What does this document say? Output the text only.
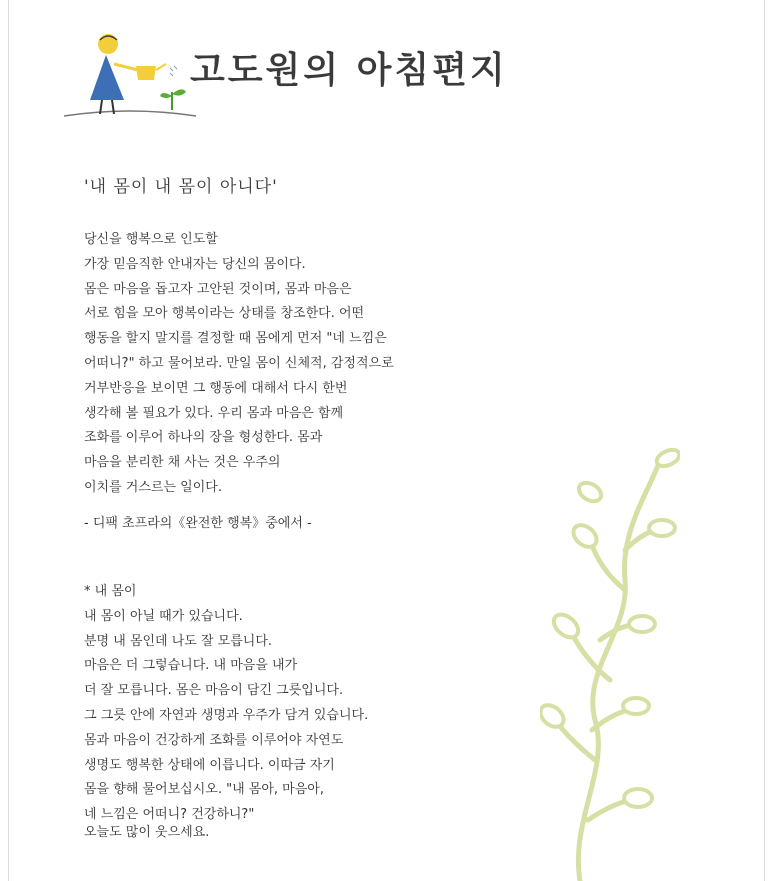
고도원의 아침편지
'내 몸이 내 몸이 아니다'
당신을 행복으로 인도할
가장 믿음직한 안내자는 당신의 몸이다.
몸은 마음을 돕고자 고안된 것이며, 몸과 마음은
서로 힘을 모아 행복이라는 상태를 창조한다. 어떤
행동을 할지 말지를 결정할 때 몸에게 먼저 "네 느낌은
어떠니?" 하고 물어보라. 만일 몸이 신체적, 감정적으로
거부반응을 보이면 그 행동에 대해서 다시 한번
생각해 볼 필요가 있다. 우리 몸과 마음은 함께
조화를 이루어 하나의 장을 형성한다. 몸과
마음을 분리한 채 사는 것은 우주의
이치를 거스르는 일이다.
- 디팩 초프라의《완전한 행복》중에서 -
* 내 몸이
내 몸이 아닐 때가 있습니다.
분명 내 몸인데 나도 잘 모릅니다.
마음은 더 그렇습니다. 내 마음을 내가
더 잘 모릅니다. 몸은 마음이 담긴 그릇입니다.
그 그릇 안에 자연과 생명과 우주가 담겨 있습니다.
몸과 마음이 건강하게 조화를 이루어야 자연도
생명도 행복한 상태에 이릅니다. 이따금 자기
몸을 향해 물어보십시오. "내 몸아, 마음아,
네 느낌은 어떠니? 건강하니?"
오늘도 많이 웃으세요.
